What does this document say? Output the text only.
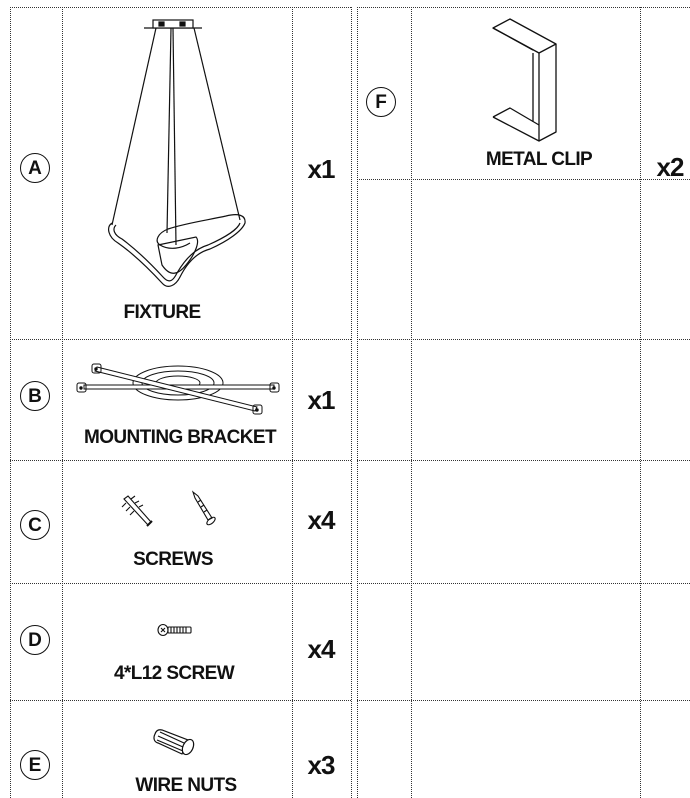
A
FIXTURE
x1
B
MOUNTING BRACKET
x1
C
SCREWS
x4
D
4*L12 SCREW
x4
E
WIRE NUTS
x3
F
METAL CLIP x2
